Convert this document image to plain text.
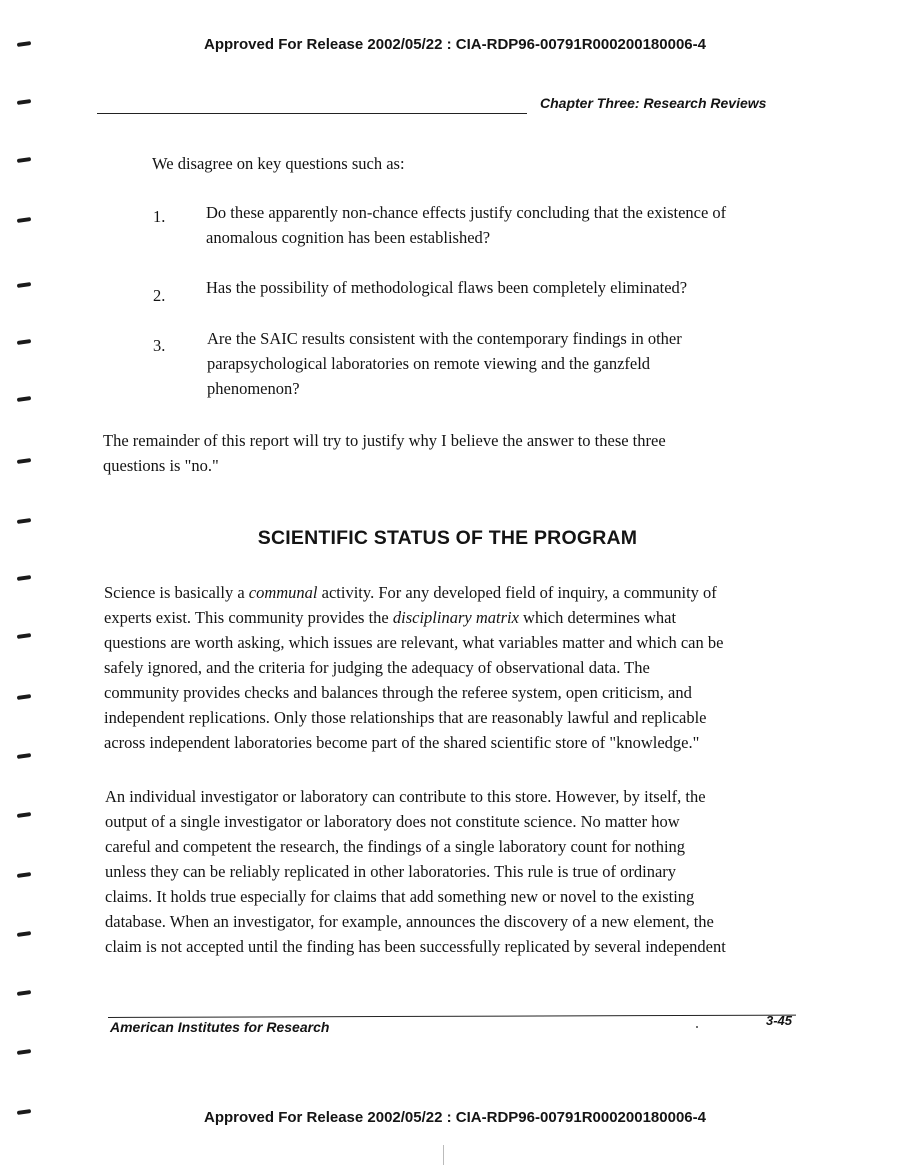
Approved For Release 2002/05/22 : CIA-RDP96-00791R000200180006-4
Approved For Release 2002/05/22 : CIA-RDP96-00791R000200180006-4
Chapter Three: Research Reviews
We disagree on key questions such as:
1. Do these apparently non-chance effects justify concluding that the existence of
anomalous cognition has been established?
2. Has the possibility of methodological flaws been completely eliminated?
3.	Are the SAIC results consistent with the contemporary findings in other
parapsychological laboratories on remote viewing and the ganzfeld
phenomenon?
The remainder of this report will try to justify why I believe the answer to these three
questions is "no."
SCIENTIFIC STATUS OF THE PROGRAM
Science is basically a communal activity. For any developed field of inquiry, a community of
experts exist. This community provides the disciplinary matrix which determines what
questions are worth asking, which issues are relevant, what variables matter and which can be
safely ignored, and the criteria for judging the adequacy of observational data. The
community provides checks and balances through the referee system, open criticism, and
independent replications. Only those relationships that are reasonably lawful and replicable
across independent laboratories become part of the shared scientific store of "knowledge."
An individual investigator or laboratory can contribute to this store. However, by itself, the
output of a single investigator or laboratory does not constitute science. No matter how
careful and competent the research, the findings of a single laboratory count for nothing
unless they can be reliably replicated in other laboratories. This rule is true of ordinary
claims. It holds true especially for claims that add something new or novel to the existing
database. When an investigator, for example, announces the discovery of a new element, the
claim is not accepted until the finding has been successfully replicated by several independent
American Institutes for Research	3-45
